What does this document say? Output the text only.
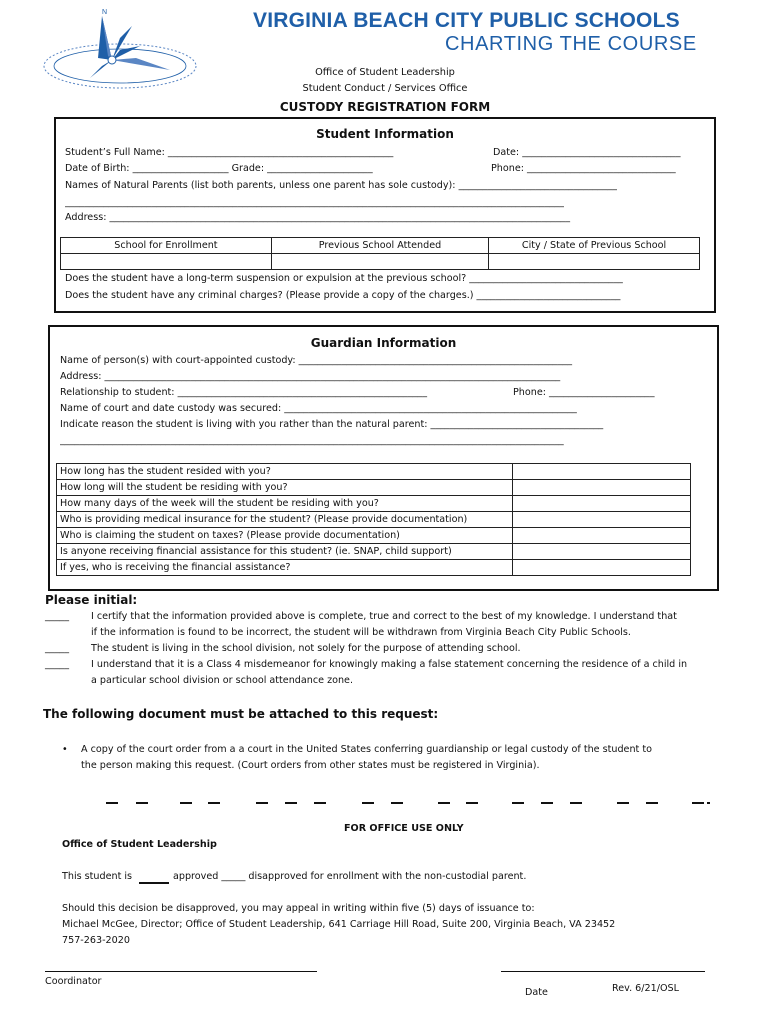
N	VIRGINIA BEACH CITY PUBLIC SCHOOLS
CHARTING THE COURSE
Office of Student Leadership
Student Conduct / Services Office
CUSTODY REGISTRATION FORM
Student Information
Student’s Full Name: _______________________________________________	Date: _________________________________
Date of Birth: ____________________ Grade: ______________________	Phone: _______________________________
Names of Natural Parents (list both parents, unless one parent has sole custody): _________________________________
________________________________________________________________________________________________________
Address: ________________________________________________________________________________________________
School for Enrollment	Previous School Attended	City / State of Previous School

Does the student have a long-term suspension or expulsion at the previous school? ________________________________
Does the student have any criminal charges? (Please provide a copy of the charges.) ______________________________
Guardian Information
Name of person(s) with court-appointed custody: _________________________________________________________
Address: _______________________________________________________________________________________________
Relationship to student: ____________________________________________________	Phone: ______________________
Name of court and date custody was secured: _____________________________________________________________
Indicate reason the student is living with you rather than the natural parent: ____________________________________
_________________________________________________________________________________________________________
How long has the student resided with you?	
How long will the student be residing with you?	
How many days of the week will the student be residing with you?	
Who is providing medical insurance for the student? (Please provide documentation)	
Who is claiming the student on taxes? (Please provide documentation)	
Is anyone receiving financial assistance for this student? (ie. SNAP, child support)	
If yes, who is receiving the financial assistance?	
Please initial:
_____ I certify that the information provided above is complete, true and correct to the best of my knowledge. I understand that
if the information is found to be incorrect, the student will be withdrawn from Virginia Beach City Public Schools.
_____ The student is living in the school division, not solely for the purpose of attending school.
_____ I understand that it is a Class 4 misdemeanor for knowingly making a false statement concerning the residence of a child in
a particular school division or school attendance zone.
The following document must be attached to this request:
• A copy of the court order from a a court in the United States conferring guardianship or legal custody of the student to
the person making this request. (Court orders from other states must be registered in Virginia).
FOR OFFICE USE ONLY
Office of Student Leadership
This student is	approved _____ disapproved for enrollment with the non-custodial parent.
Should this decision be disapproved, you may appeal in writing within five (5) days of issuance to:
Michael McGee, Director; Office of Student Leadership, 641 Carriage Hill Road, Suite 200, Virginia Beach, VA 23452
757-263-2020
Coordinator
Date	Rev. 6/21/OSL
